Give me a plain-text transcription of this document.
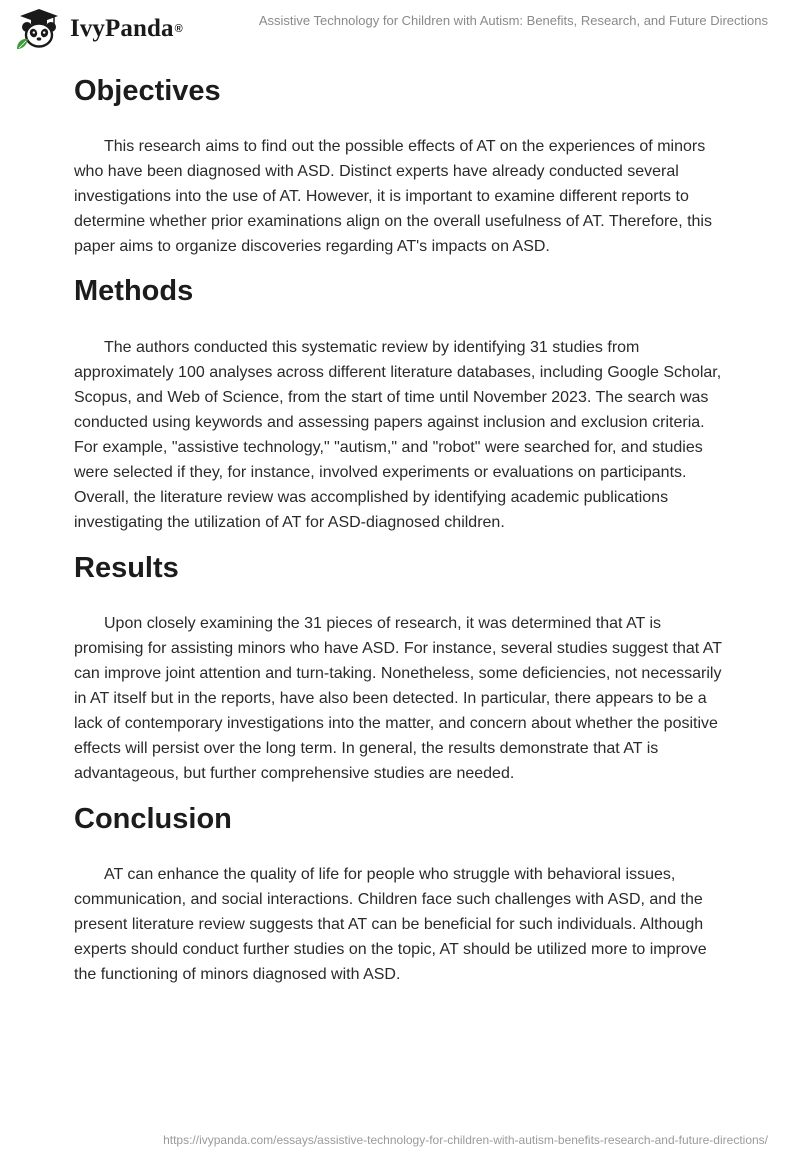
IvyPanda ®
Assistive Technology for Children with Autism: Benefits, Research, and Future Directions
Objectives

This research aims to find out the possible effects of AT on the experiences of minors who have been diagnosed with ASD. Distinct experts have already conducted several investigations into the use of AT. However, it is important to examine different reports to determine whether prior examinations align on the overall usefulness of AT. Therefore, this paper aims to organize discoveries regarding AT's impacts on ASD.

Methods

The authors conducted this systematic review by identifying 31 studies from approximately 100 analyses across different literature databases, including Google Scholar, Scopus, and Web of Science, from the start of time until November 2023. The search was conducted using keywords and assessing papers against inclusion and exclusion criteria. For example, "assistive technology," "autism," and "robot" were searched for, and studies were selected if they, for instance, involved experiments or evaluations on participants. Overall, the literature review was accomplished by identifying academic publications investigating the utilization of AT for ASD-diagnosed children.

Results

Upon closely examining the 31 pieces of research, it was determined that AT is promising for assisting minors who have ASD. For instance, several studies suggest that AT can improve joint attention and turn-taking. Nonetheless, some deficiencies, not necessarily in AT itself but in the reports, have also been detected. In particular, there appears to be a lack of contemporary investigations into the matter, and concern about whether the positive effects will persist over the long term. In general, the results demonstrate that AT is advantageous, but further comprehensive studies are needed.

Conclusion

AT can enhance the quality of life for people who struggle with behavioral issues, communication, and social interactions. Children face such challenges with ASD, and the present literature review suggests that AT can be beneficial for such individuals. Although experts should conduct further studies on the topic, AT should be utilized more to improve the functioning of minors diagnosed with ASD.

https://ivypanda.com/essays/assistive-technology-for-children-with-autism-benefits-research-and-future-directions/
